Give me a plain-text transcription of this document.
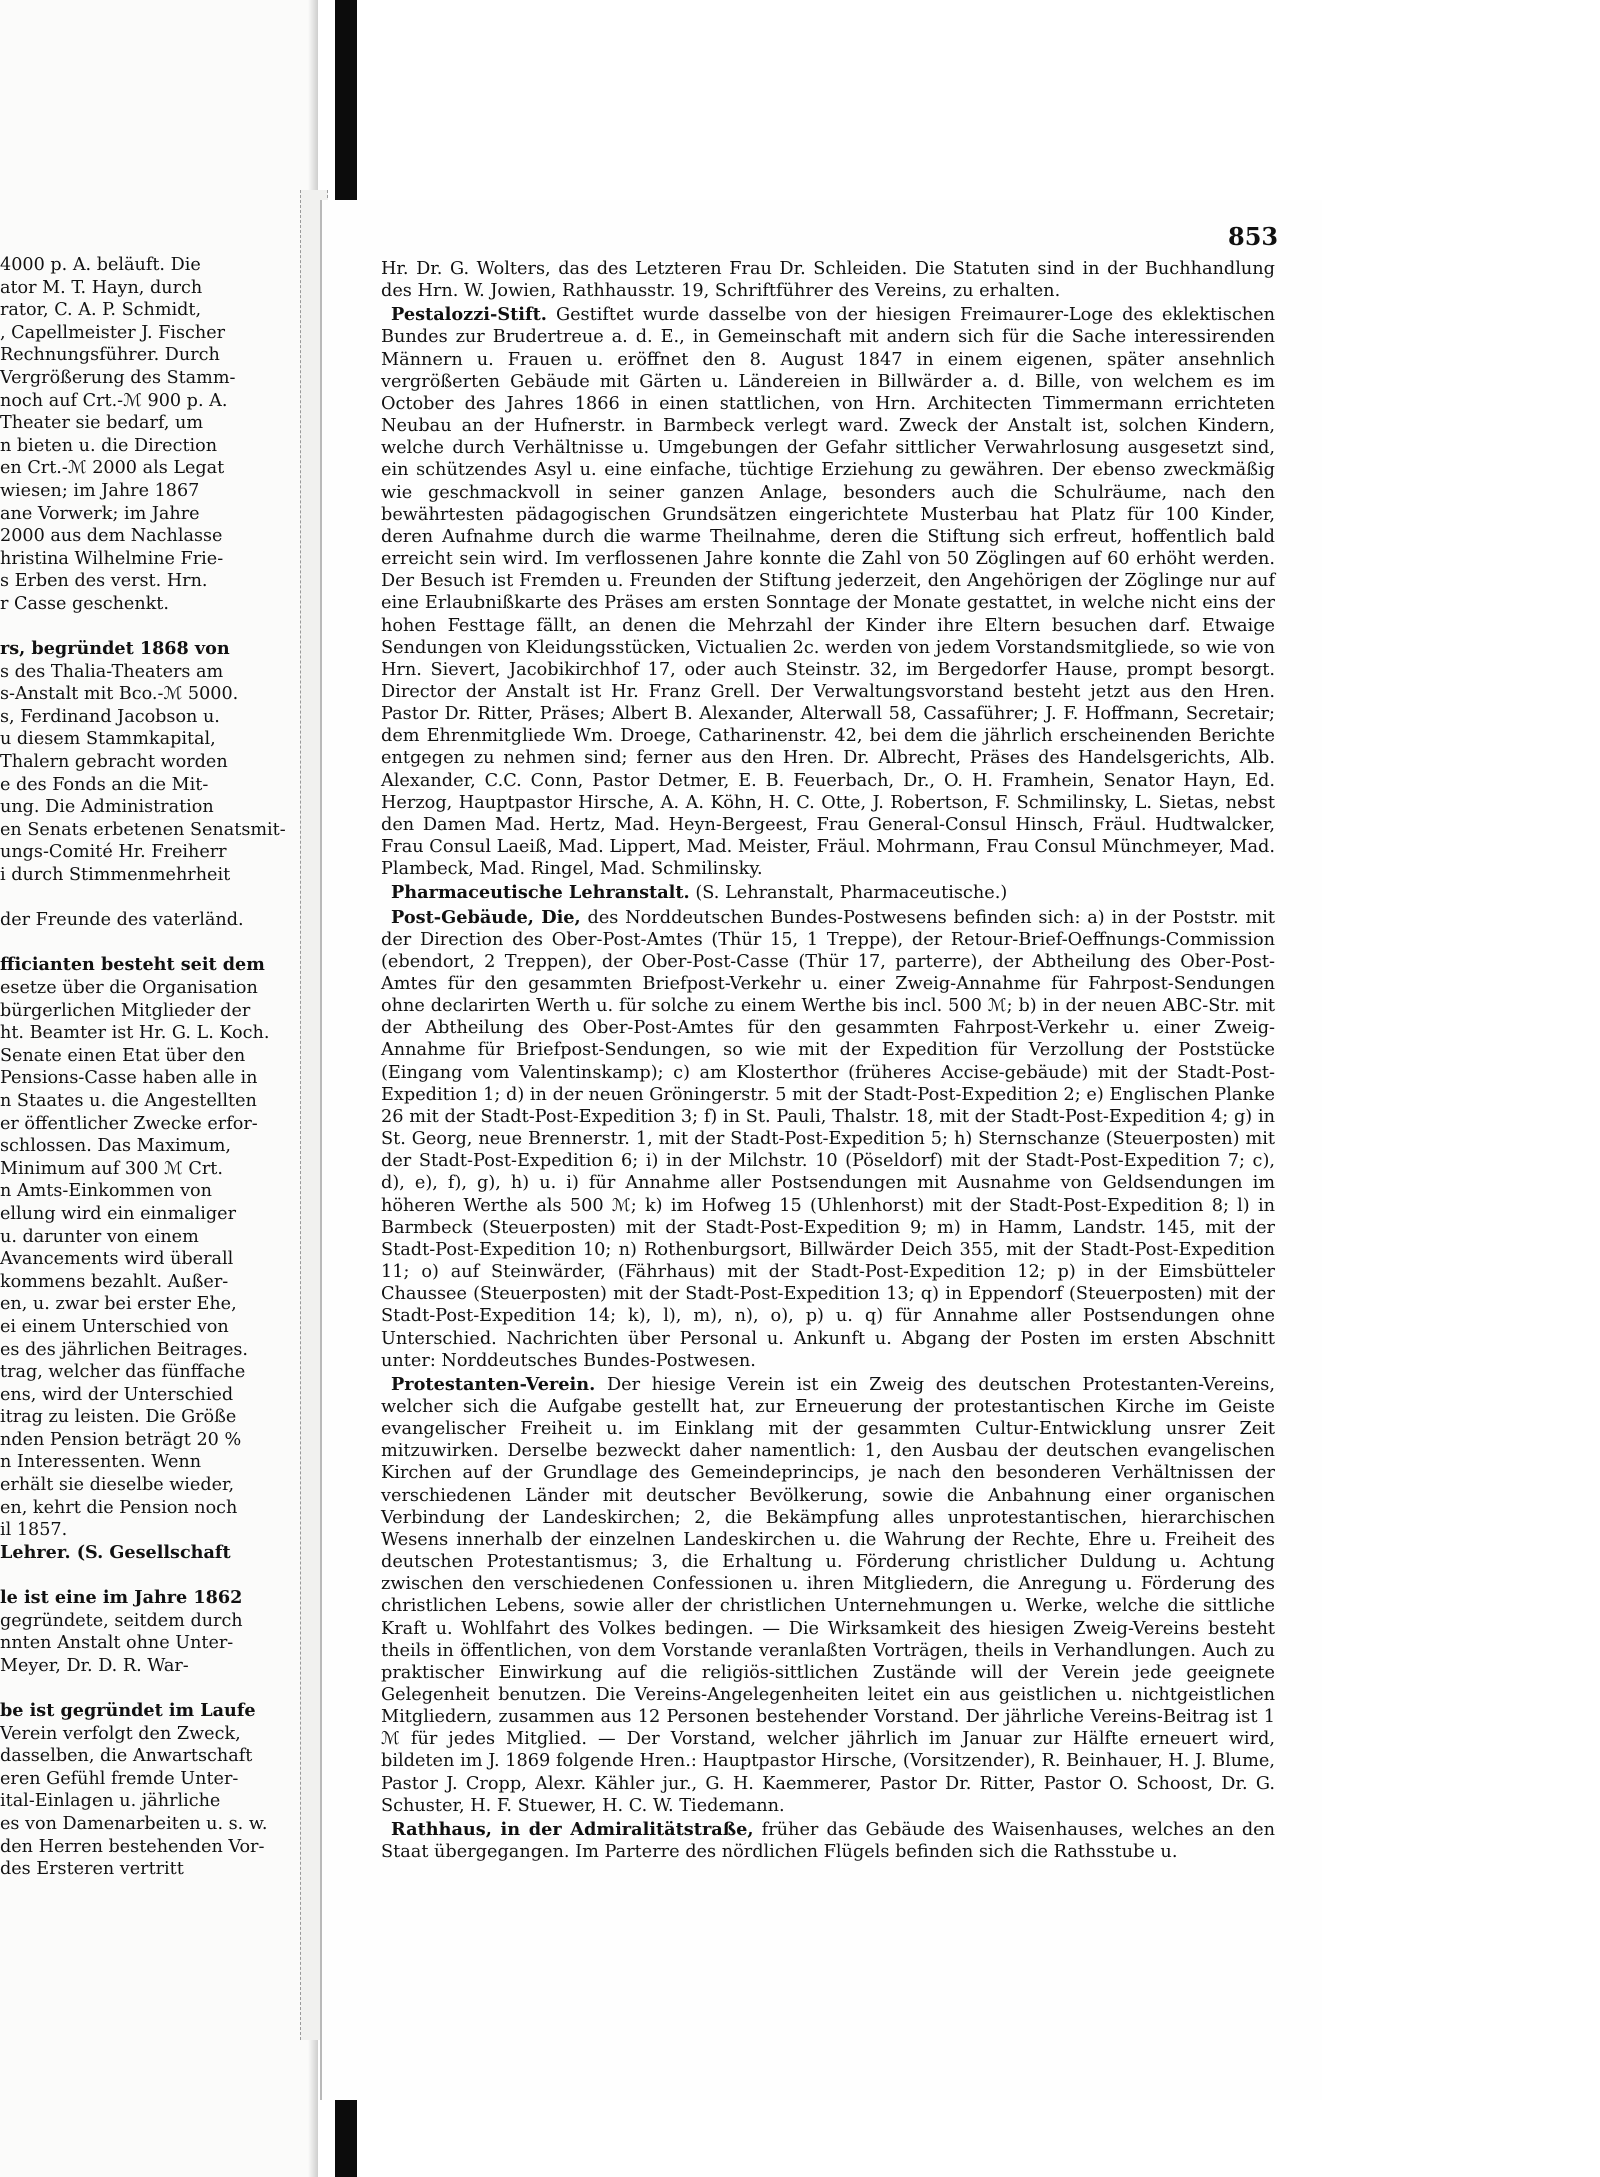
4000 p. A. beläuft. Die
ator M. T. Hayn, durch
rator, C. A. P. Schmidt,
, Capellmeister J. Fischer
Rechnungsführer. Durch
Vergrößerung des Stamm-
noch auf Crt.-ℳ 900 p. A.
Theater sie bedarf, um
n bieten u. die Direction
en Crt.-ℳ 2000 als Legat
wiesen; im Jahre 1867
ane Vorwerk; im Jahre
2000 aus dem Nachlasse
hristina Wilhelmine Frie-
s Erben des verst. Hrn.
r Casse geschenkt.

rs, begründet 1868 von
s des Thalia-Theaters am
s-Anstalt mit Bco.-ℳ 5000.
s, Ferdinand Jacobson u.
u diesem Stammkapital,
Thalern gebracht worden
e des Fonds an die Mit-
ung. Die Administration
en Senats erbetenen Senatsmit-
ungs-Comité Hr. Freiherr
i durch Stimmenmehrheit

der Freunde des vaterländ.

fficianten besteht seit dem
esetze über die Organisation
bürgerlichen Mitglieder der
ht. Beamter ist Hr. G. L. Koch.
Senate einen Etat über den
Pensions-Casse haben alle in
n Staates u. die Angestellten
er öffentlicher Zwecke erfor-
schlossen. Das Maximum,
Minimum auf 300 ℳ Crt.
n Amts-Einkommen von
ellung wird ein einmaliger
u. darunter von einem
Avancements wird überall
kommens bezahlt. Außer-
en, u. zwar bei erster Ehe,
ei einem Unterschied von
es des jährlichen Beitrages.
trag, welcher das fünffache
ens, wird der Unterschied
itrag zu leisten. Die Größe
nden Pension beträgt 20 %
n Interessenten. Wenn
erhält sie dieselbe wieder,
en, kehrt die Pension noch
il 1857.
Lehrer. (S. Gesellschaft

le ist eine im Jahre 1862
gegründete, seitdem durch
nnten Anstalt ohne Unter-
Meyer, Dr. D. R. War-

be ist gegründet im Laufe
Verein verfolgt den Zweck,
dasselben, die Anwartschaft
eren Gefühl fremde Unter-
ital-Einlagen u. jährliche
es von Damenarbeiten u. s. w.
den Herren bestehenden Vor-
des Ersteren vertritt
853

Hr. Dr. G. Wolters, das des Letzteren Frau Dr. Schleiden. Die Statuten sind in der Buchhandlung des Hrn. W. Jowien, Rathhausstr. 19, Schriftführer des Vereins, zu erhalten.

Pestalozzi-Stift. Gestiftet wurde dasselbe von der hiesigen Freimaurer-Loge des eklektischen Bundes zur Brudertreue a. d. E., in Gemeinschaft mit andern sich für die Sache interessirenden Männern u. Frauen u. eröffnet den 8. August 1847 in einem eigenen, später ansehnlich vergrößerten Gebäude mit Gärten u. Ländereien in Billwärder a. d. Bille, von welchem es im October des Jahres 1866 in einen stattlichen, von Hrn. Architecten Timmermann errichteten Neubau an der Hufnerstr. in Barmbeck verlegt ward. Zweck der Anstalt ist, solchen Kindern, welche durch Verhältnisse u. Umgebungen der Gefahr sittlicher Verwahrlosung ausgesetzt sind, ein schützendes Asyl u. eine einfache, tüchtige Erziehung zu gewähren. Der ebenso zweckmäßig wie geschmackvoll in seiner ganzen Anlage, besonders auch die Schulräume, nach den bewährtesten pädagogischen Grundsätzen eingerichtete Musterbau hat Platz für 100 Kinder, deren Aufnahme durch die warme Theilnahme, deren die Stiftung sich erfreut, hoffentlich bald erreicht sein wird. Im verflossenen Jahre konnte die Zahl von 50 Zöglingen auf 60 erhöht werden. Der Besuch ist Fremden u. Freunden der Stiftung jederzeit, den Angehörigen der Zöglinge nur auf eine Erlaubnißkarte des Präses am ersten Sonntage der Monate gestattet, in welche nicht eins der hohen Festtage fällt, an denen die Mehrzahl der Kinder ihre Eltern besuchen darf. Etwaige Sendungen von Kleidungsstücken, Victualien 2c. werden von jedem Vorstandsmitgliede, so wie von Hrn. Sievert, Jacobikirchhof 17, oder auch Steinstr. 32, im Bergedorfer Hause, prompt besorgt. Director der Anstalt ist Hr. Franz Grell. Der Verwaltungsvorstand besteht jetzt aus den Hren. Pastor Dr. Ritter, Präses; Albert B. Alexander, Alterwall 58, Cassaführer; J. F. Hoffmann, Secretair; dem Ehrenmitgliede Wm. Droege, Catharinenstr. 42, bei dem die jährlich erscheinenden Berichte entgegen zu nehmen sind; ferner aus den Hren. Dr. Albrecht, Präses des Handelsgerichts, Alb. Alexander, C.C. Conn, Pastor Detmer, E. B. Feuerbach, Dr., O. H. Framhein, Senator Hayn, Ed. Herzog, Hauptpastor Hirsche, A. A. Köhn, H. C. Otte, J. Robertson, F. Schmilinsky, L. Sietas, nebst den Damen Mad. Hertz, Mad. Heyn-Bergeest, Frau General-Consul Hinsch, Fräul. Hudtwalcker, Frau Consul Laeiß, Mad. Lippert, Mad. Meister, Fräul. Mohrmann, Frau Consul Münchmeyer, Mad. Plambeck, Mad. Ringel, Mad. Schmilinsky.

Pharmaceutische Lehranstalt. (S. Lehranstalt, Pharmaceutische.)

Post-Gebäude, Die, des Norddeutschen Bundes-Postwesens befinden sich: a) in der Poststr. mit der Direction des Ober-Post-Amtes (Thür 15, 1 Treppe), der Retour-Brief-Oeffnungs-Commission (ebendort, 2 Treppen), der Ober-Post-Casse (Thür 17, parterre), der Abtheilung des Ober-Post-Amtes für den gesammten Briefpost-Verkehr u. einer Zweig-Annahme für Fahrpost-Sendungen ohne declarirten Werth u. für solche zu einem Werthe bis incl. 500 ℳ; b) in der neuen ABC-Str. mit der Abtheilung des Ober-Post-Amtes für den gesammten Fahrpost-Verkehr u. einer Zweig-Annahme für Briefpost-Sendungen, so wie mit der Expedition für Verzollung der Poststücke (Eingang vom Valentinskamp); c) am Klosterthor (früheres Accise-gebäude) mit der Stadt-Post-Expedition 1; d) in der neuen Gröningerstr. 5 mit der Stadt-Post-Expedition 2; e) Englischen Planke 26 mit der Stadt-Post-Expedition 3; f) in St. Pauli, Thalstr. 18, mit der Stadt-Post-Expedition 4; g) in St. Georg, neue Brennerstr. 1, mit der Stadt-Post-Expedition 5; h) Sternschanze (Steuerposten) mit der Stadt-Post-Expedition 6; i) in der Milchstr. 10 (Pöseldorf) mit der Stadt-Post-Expedition 7; c), d), e), f), g), h) u. i) für Annahme aller Postsendungen mit Ausnahme von Geldsendungen im höheren Werthe als 500 ℳ; k) im Hofweg 15 (Uhlenhorst) mit der Stadt-Post-Expedition 8; l) in Barmbeck (Steuerposten) mit der Stadt-Post-Expedition 9; m) in Hamm, Landstr. 145, mit der Stadt-Post-Expedition 10; n) Rothenburgsort, Billwärder Deich 355, mit der Stadt-Post-Expedition 11; o) auf Steinwärder, (Fährhaus) mit der Stadt-Post-Expedition 12; p) in der Eimsbütteler Chaussee (Steuerposten) mit der Stadt-Post-Expedition 13; q) in Eppendorf (Steuerposten) mit der Stadt-Post-Expedition 14; k), l), m), n), o), p) u. q) für Annahme aller Postsendungen ohne Unterschied. Nachrichten über Personal u. Ankunft u. Abgang der Posten im ersten Abschnitt unter: Norddeutsches Bundes-Postwesen.

Protestanten-Verein. Der hiesige Verein ist ein Zweig des deutschen Protestanten-Vereins, welcher sich die Aufgabe gestellt hat, zur Erneuerung der protestantischen Kirche im Geiste evangelischer Freiheit u. im Einklang mit der gesammten Cultur-Entwicklung unsrer Zeit mitzuwirken. Derselbe bezweckt daher namentlich: 1, den Ausbau der deutschen evangelischen Kirchen auf der Grundlage des Gemeindeprincips, je nach den besonderen Verhältnissen der verschiedenen Länder mit deutscher Bevölkerung, sowie die Anbahnung einer organischen Verbindung der Landeskirchen; 2, die Bekämpfung alles unprotestantischen, hierarchischen Wesens innerhalb der einzelnen Landeskirchen u. die Wahrung der Rechte, Ehre u. Freiheit des deutschen Protestantismus; 3, die Erhaltung u. Förderung christlicher Duldung u. Achtung zwischen den verschiedenen Confessionen u. ihren Mitgliedern, die Anregung u. Förderung des christlichen Lebens, sowie aller der christlichen Unternehmungen u. Werke, welche die sittliche Kraft u. Wohlfahrt des Volkes bedingen. — Die Wirksamkeit des hiesigen Zweig-Vereins besteht theils in öffentlichen, von dem Vorstande veranlaßten Vorträgen, theils in Verhandlungen. Auch zu praktischer Einwirkung auf die religiös-sittlichen Zustände will der Verein jede geeignete Gelegenheit benutzen. Die Vereins-Angelegenheiten leitet ein aus geistlichen u. nichtgeistlichen Mitgliedern, zusammen aus 12 Personen bestehender Vorstand. Der jährliche Vereins-Beitrag ist 1 ℳ für jedes Mitglied. — Der Vorstand, welcher jährlich im Januar zur Hälfte erneuert wird, bildeten im J. 1869 folgende Hren.: Hauptpastor Hirsche, (Vorsitzender), R. Beinhauer, H. J. Blume, Pastor J. Cropp, Alexr. Kähler jur., G. H. Kaemmerer, Pastor Dr. Ritter, Pastor O. Schoost, Dr. G. Schuster, H. F. Stuewer, H. C. W. Tiedemann.

Rathhaus, in der Admiralitätstraße, früher das Gebäude des Waisenhauses, welches an den Staat übergegangen. Im Parterre des nördlichen Flügels befinden sich die Rathsstube u.
